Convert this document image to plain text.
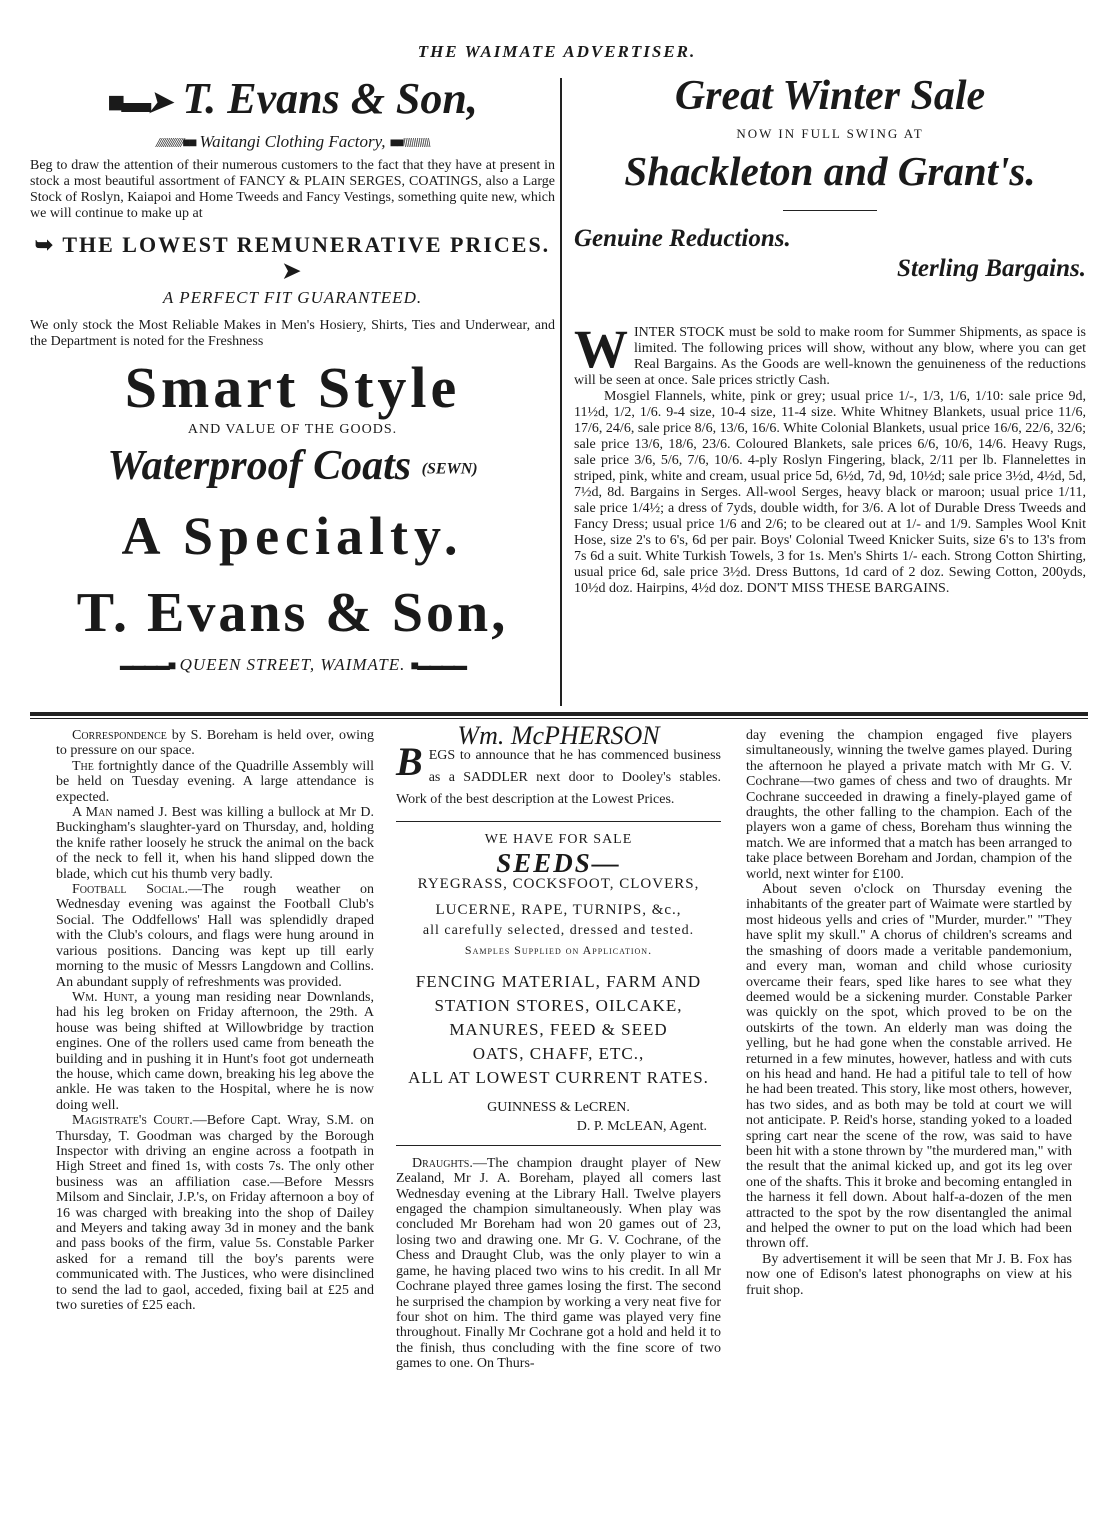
THE WAIMATE ADVERTISER.
■▬➤ T. Evans & Son,
//////////////■■ Waitangi Clothing Factory, ■■\\\\\\\\\\\\\\
Beg to draw the attention of their numerous customers to the fact that they have at present in stock a most beautiful assortment of FANCY & PLAIN SERGES, COATINGS, also a Large Stock of Roslyn, Kaiapoi and Home Tweeds and Fancy Vestings, something quite new, which we will continue to make up at
➥ THE LOWEST REMUNERATIVE PRICES. ➤
A PERFECT FIT GUARANTEED.
We only stock the Most Reliable Makes in Men's Hosiery, Shirts, Ties and Underwear, and the Department is noted for the Freshness
Smart Style
AND VALUE OF THE GOODS.
Waterproof Coats (SEWN)
A Specialty.
T. Evans & Son,
▬▬▬▬■ QUEEN STREET, WAIMATE. ■▬▬▬▬
Great Winter Sale
NOW IN FULL SWING AT
Shackleton and Grant's.
Genuine Reductions.
Sterling Bargains.
WINTER STOCK must be sold to make room for Summer Shipments, as space is limited. The following prices will show, without any blow, where you can get Real Bargains. As the Goods are well-known the genuineness of the reductions will be seen at once. Sale prices strictly Cash.
Mosgiel Flannels, white, pink or grey; usual price 1/-, 1/3, 1/6, 1/10: sale price 9d, 11½d, 1/2, 1/6. 9-4 size, 10-4 size, 11-4 size. White Whitney Blankets, usual price 11/6, 17/6, 24/6, sale price 8/6, 13/6, 16/6. White Colonial Blankets, usual price 16/6, 22/6, 32/6; sale price 13/6, 18/6, 23/6. Coloured Blankets, sale prices 6/6, 10/6, 14/6. Heavy Rugs, sale price 3/6, 5/6, 7/6, 10/6. 4-ply Roslyn Fingering, black, 2/11 per lb. Flannelettes in striped, pink, white and cream, usual price 5d, 6½d, 7d, 9d, 10½d; sale price 3½d, 4½d, 5d, 7½d, 8d. Bargains in Serges. All-wool Serges, heavy black or maroon; usual price 1/11, sale price 1/4½; a dress of 7yds, double width, for 3/6. A lot of Durable Dress Tweeds and Fancy Dress; usual price 1/6 and 2/6; to be cleared out at 1/- and 1/9. Samples Wool Knit Hose, size 2's to 6's, 6d per pair. Boys' Colonial Tweed Knicker Suits, size 6's to 13's from 7s 6d a suit. White Turkish Towels, 3 for 1s. Men's Shirts 1/- each. Strong Cotton Shirting, usual price 6d, sale price 3½d. Dress Buttons, 1d card of 2 doz. Sewing Cotton, 200yds, 10½d doz. Hairpins, 4½d doz. DON'T MISS THESE BARGAINS.

Correspondence by S. Boreham is held over, owing to pressure on our space.

The fortnightly dance of the Quadrille Assembly will be held on Tuesday evening. A large attendance is expected.

A Man named J. Best was killing a bullock at Mr D. Buckingham's slaughter-yard on Thursday, and, holding the knife rather loosely he struck the animal on the back of the neck to fell it, when his hand slipped down the blade, which cut his thumb very badly.

Football Social.—The rough weather on Wednesday evening was against the Football Club's Social. The Oddfellows' Hall was splendidly draped with the Club's colours, and flags were hung around in various positions. Dancing was kept up till early morning to the music of Messrs Langdown and Collins. An abundant supply of refreshments was provided.

Wm. Hunt, a young man residing near Downlands, had his leg broken on Friday afternoon, the 29th. A house was being shifted at Willowbridge by traction engines. One of the rollers used came from beneath the building and in pushing it in Hunt's foot got underneath the house, which came down, breaking his leg above the ankle. He was taken to the Hospital, where he is now doing well.

Magistrate's Court.—Before Capt. Wray, S.M. on Thursday, T. Goodman was charged by the Borough Inspector with driving an engine across a footpath in High Street and fined 1s, with costs 7s. The only other business was an affiliation case.—Before Messrs Milsom and Sinclair, J.P.'s, on Friday afternoon a boy of 16 was charged with breaking into the shop of Dailey and Meyers and taking away 3d in money and the bank and pass books of the firm, value 5s. Constable Parker asked for a remand till the boy's parents were communicated with. The Justices, who were disinclined to send the lad to gaol, acceded, fixing bail at £25 and two sureties of £25 each.

Wm. McPHERSON
BEGS to announce that he has commenced business as a SADDLER next door to Dooley's stables. Work of the best description at the Lowest Prices.
WE HAVE FOR SALE
SEEDS—
RYEGRASS, COCKSFOOT, CLOVERS,
LUCERNE, RAPE, TURNIPS, &c.,
all carefully selected, dressed and tested.
Samples Supplied on Application.
FENCING MATERIAL, FARM AND
STATION STORES, OILCAKE,
MANURES, FEED & SEED
OATS, CHAFF, ETC.,
ALL AT LOWEST CURRENT RATES.
GUINNESS & LeCREN.
D. P. McLEAN, Agent.

Draughts.—The champion draught player of New Zealand, Mr J. A. Boreham, played all comers last Wednesday evening at the Library Hall. Twelve players engaged the champion simultaneously. When play was concluded Mr Boreham had won 20 games out of 23, losing two and drawing one. Mr G. V. Cochrane, of the Chess and Draught Club, was the only player to win a game, he having placed two wins to his credit. In all Mr Cochrane played three games losing the first. The second he surprised the champion by working a very neat five for four shot on him. The third game was played very fine throughout. Finally Mr Cochrane got a hold and held it to the finish, thus concluding with the fine score of two games to one. On Thurs-

day evening the champion engaged five players simultaneously, winning the twelve games played. During the afternoon he played a private match with Mr G. V. Cochrane—two games of chess and two of draughts. Mr Cochrane succeeded in drawing a finely-played game of draughts, the other falling to the champion. Each of the players won a game of chess, Boreham thus winning the match. We are informed that a match has been arranged to take place between Boreham and Jordan, champion of the world, next winter for £100.

About seven o'clock on Thursday evening the inhabitants of the greater part of Waimate were startled by most hideous yells and cries of "Murder, murder." "They have split my skull." A chorus of children's screams and the smashing of doors made a veritable pandemonium, and every man, woman and child whose curiosity overcame their fears, sped like hares to see what they deemed would be a sickening murder. Constable Parker was quickly on the spot, which proved to be on the outskirts of the town. An elderly man was doing the yelling, but he had gone when the constable arrived. He returned in a few minutes, however, hatless and with cuts on his head and hand. He had a pitiful tale to tell of how he had been treated. This story, like most others, however, has two sides, and as both may be told at court we will not anticipate. P. Reid's horse, standing yoked to a loaded spring cart near the scene of the row, was said to have been hit with a stone thrown by "the murdered man," with the result that the animal kicked up, and got its leg over one of the shafts. This it broke and becoming entangled in the harness it fell down. About half-a-dozen of the men attracted to the spot by the row disentangled the animal and helped the owner to put on the load which had been thrown off.

By advertisement it will be seen that Mr J. B. Fox has now one of Edison's latest phonographs on view at his fruit shop.
